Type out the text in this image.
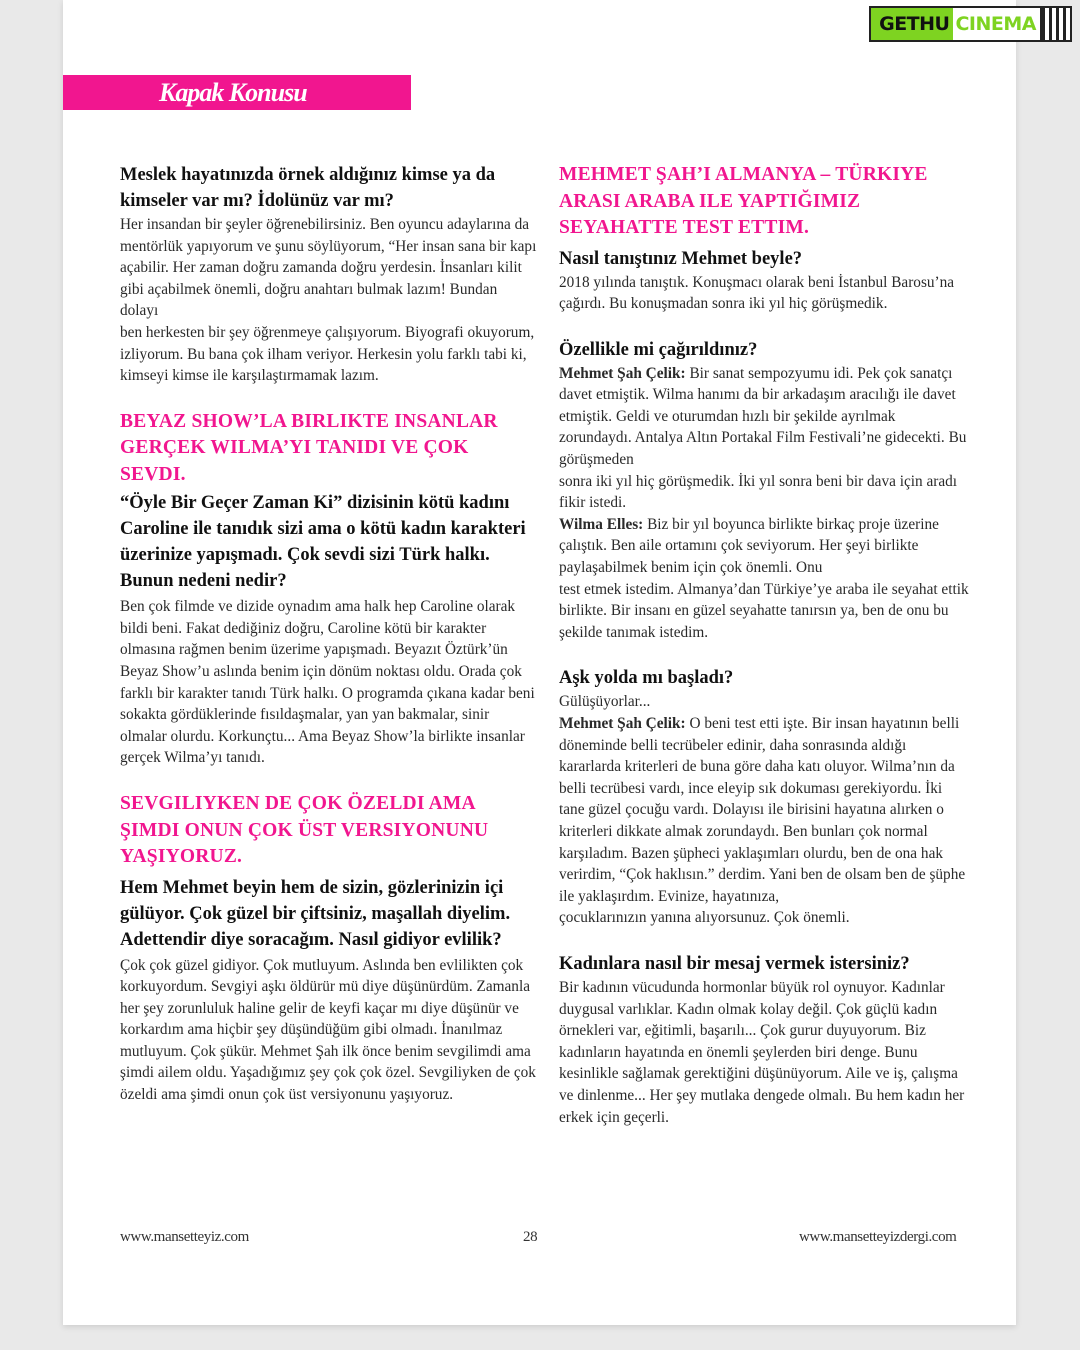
GETHU CINEMA
Kapak Konusu
Meslek hayatınızda örnek aldığınız kimse ya da kimseler var mı? İdolünüz var mı?
Her insandan bir şeyler öğrenebilirsiniz. Ben oyuncu adaylarına da mentörlük yapıyorum ve şunu söylüyorum, “Her insan sana bir kapı açabilir. Her zaman doğru zamanda doğru yerdesin. İnsanları kilit gibi açabilmek önemli, doğru anahtarı bulmak lazım! Bundan dolayı
ben herkesten bir şey öğrenmeye çalışıyorum. Biyografi okuyorum, izliyorum. Bu bana çok ilham veriyor. Herkesin yolu farklı tabi ki, kimseyi kimse ile karşılaştırmamak lazım.
BEYAZ SHOW’LA BIRLIKTE INSANLAR GERÇEK WILMA’YI TANIDI VE ÇOK SEVDI.
“Öyle Bir Geçer Zaman Ki” dizisinin kötü kadını Caroline ile tanıdık sizi ama o kötü kadın karakteri üzerinize yapışmadı. Çok sevdi sizi Türk halkı. Bunun nedeni nedir?
Ben çok filmde ve dizide oynadım ama halk hep Caroline olarak bildi beni. Fakat dediğiniz doğru, Caroline kötü bir karakter olmasına rağmen benim üzerime yapışmadı. Beyazıt Öztürk’ün Beyaz Show’u aslında benim için dönüm noktası oldu. Orada çok farklı bir karakter tanıdı Türk halkı. O programda çıkana kadar beni sokakta gördüklerinde fısıldaşmalar, yan yan bakmalar, sinir olmalar olurdu. Korkunçtu... Ama Beyaz Show’la birlikte insanlar gerçek Wilma’yı tanıdı.
SEVGILIYKEN DE ÇOK ÖZELDI AMA ŞIMDI ONUN ÇOK ÜST VERSIYONUNU YAŞIYORUZ.
Hem Mehmet beyin hem de sizin, gözlerinizin içi gülüyor. Çok güzel bir çiftsiniz, maşallah diyelim. Adettendir diye soracağım. Nasıl gidiyor evlilik?
Çok çok güzel gidiyor. Çok mutluyum. Aslında ben evlilikten çok korkuyordum. Sevgiyi aşkı öldürür mü diye düşünürdüm. Zamanla her şey zorunluluk haline gelir de keyfi kaçar mı diye düşünür ve korkardım ama hiçbir şey düşündüğüm gibi olmadı. İnanılmaz mutluyum. Çok şükür. Mehmet Şah ilk önce benim sevgilimdi ama şimdi ailem oldu. Yaşadığımız şey çok çok özel. Sevgiliyken de çok özeldi ama şimdi onun çok üst versiyonunu yaşıyoruz.
MEHMET ŞAH’I ALMANYA – TÜRKIYE ARASI ARABA ILE YAPTIĞIMIZ SEYAHATTE TEST ETTIM.
Nasıl tanıştınız Mehmet beyle?
2018 yılında tanıştık. Konuşmacı olarak beni İstanbul Barosu’na çağırdı. Bu konuşmadan sonra iki yıl hiç görüşmedik.
Özellikle mi çağırıldınız?
Mehmet Şah Çelik: Bir sanat sempozyumu idi. Pek çok sanatçı davet etmiştik. Wilma hanımı da bir arkadaşım aracılığı ile davet etmiştik. Geldi ve oturumdan hızlı bir şekilde ayrılmak zorundaydı. Antalya Altın Portakal Film Festivali’ne gidecekti. Bu görüşmeden
sonra iki yıl hiç görüşmedik. İki yıl sonra beni bir dava için aradı fikir istedi.
Wilma Elles: Biz bir yıl boyunca birlikte birkaç proje üzerine çalıştık. Ben aile ortamını çok seviyorum. Her şeyi birlikte paylaşabilmek benim için çok önemli. Onu
test etmek istedim. Almanya’dan Türkiye’ye araba ile seyahat ettik birlikte. Bir insanı en güzel seyahatte tanırsın ya, ben de onu bu şekilde tanımak istedim.
Aşk yolda mı başladı?
Gülüşüyorlar...
Mehmet Şah Çelik: O beni test etti işte. Bir insan hayatının belli döneminde belli tecrübeler edinir, daha sonrasında aldığı kararlarda kriterleri de buna göre daha katı oluyor. Wilma’nın da belli tecrübesi vardı, ince eleyip sık dokuması gerekiyordu. İki tane güzel çocuğu vardı. Dolayısı ile birisini hayatına alırken o kriterleri dikkate almak zorundaydı. Ben bunları çok normal karşıladım. Bazen şüpheci yaklaşımları olurdu, ben de ona hak verirdim, “Çok haklısın.” derdim. Yani ben de olsam ben de şüphe ile yaklaşırdım. Evinize, hayatınıza,
çocuklarınızın yanına alıyorsunuz. Çok önemli.
Kadınlara nasıl bir mesaj vermek istersiniz?
Bir kadının vücudunda hormonlar büyük rol oynuyor. Kadınlar duygusal varlıklar. Kadın olmak kolay değil. Çok güçlü kadın örnekleri var, eğitimli, başarılı... Çok gurur duyuyorum. Biz kadınların hayatında en önemli şeylerden biri denge. Bunu kesinlikle sağlamak gerektiğini düşünüyorum. Aile ve iş, çalışma ve dinlenme... Her şey mutlaka dengede olmalı. Bu hem kadın her erkek için geçerli.
www.mansetteyiz.com	28	www.mansetteyizdergi.com
